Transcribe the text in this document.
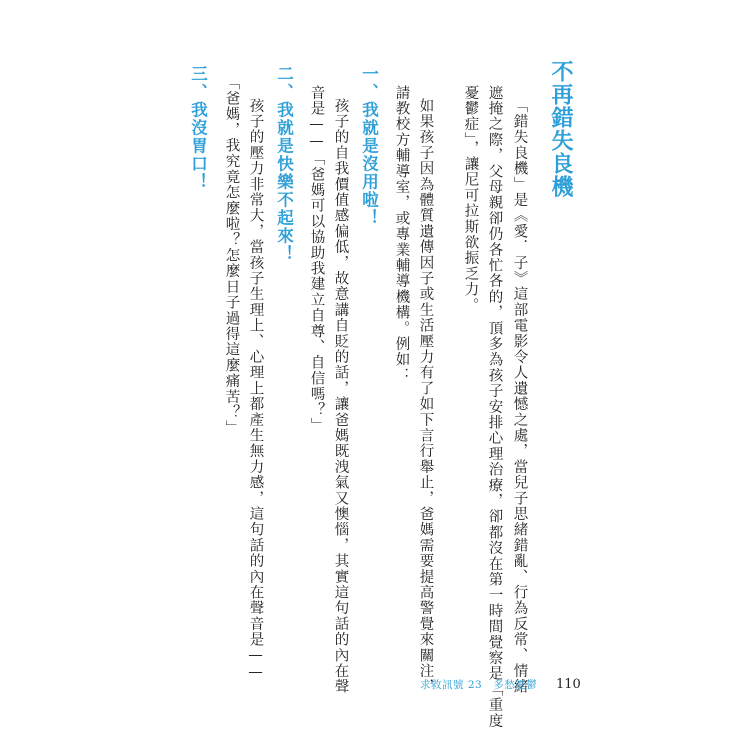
不再錯失良機
「錯失良機」是《愛．子》這部電影令人遺憾之處，當兒子思緒錯亂、行為反常、情緒
遮掩之際，父母親卻仍各忙各的，頂多為孩子安排心理治療，卻都沒在第一時間覺察是「重度
憂鬱症」，讓尼可拉斯欲振乏力。
如果孩子因為體質遺傳因子或生活壓力有了如下言行舉止，爸媽需要提高警覺來關注，
請教校方輔導室，或專業輔導機構。例如：
一、我就是沒用啦！
孩子的自我價值感偏低，故意講自貶的話，讓爸媽既洩氣又懊惱，其實這句話的內在聲
音是——「爸媽可以協助我建立自尊、自信嗎？」
二、我就是快樂不起來！
孩子的壓力非常大，當孩子生理上、心理上都產生無力感，這句話的內在聲音是——
「爸媽，我究竟怎麼啦？怎麼日子過得這麼痛苦？」
三、我沒胃口！
求救訊號 23　多愁憂鬱 110
